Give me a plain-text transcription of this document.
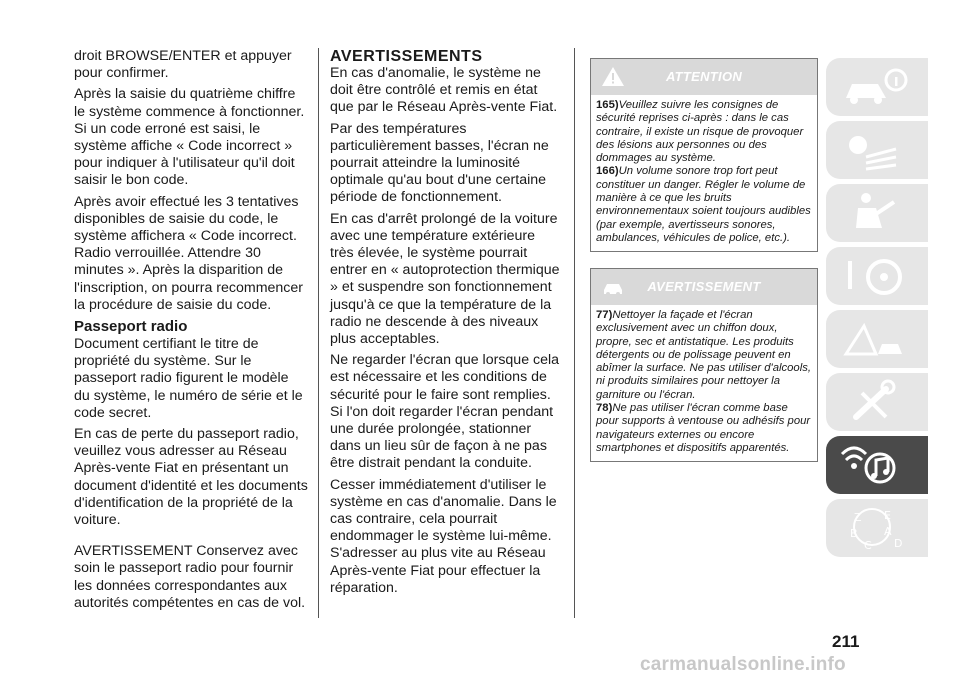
droit BROWSE/ENTER et appuyer pour confirmer.

Après la saisie du quatrième chiffre le système commence à fonctionner. Si un code erroné est saisi, le système affiche « Code incorrect » pour indiquer à l'utilisateur qu'il doit saisir le bon code.

Après avoir effectué les 3 tentatives disponibles de saisie du code, le système affichera « Code incorrect. Radio verrouillée. Attendre 30 minutes ». Après la disparition de l'inscription, on pourra recommencer la procédure de saisie du code.

Passeport radio

Document certifiant le titre de propriété du système. Sur le passeport radio figurent le modèle du système, le numéro de série et le code secret.

En cas de perte du passeport radio, veuillez vous adresser au Réseau Après-vente Fiat en présentant un document d'identité et les documents d'identification de la propriété de la voiture.

AVERTISSEMENT Conservez avec soin le passeport radio pour fournir les données correspondantes aux autorités compétentes en cas de vol.

AVERTISSEMENTS

En cas d'anomalie, le système ne doit être contrôlé et remis en état que par le Réseau Après-vente Fiat.

Par des températures particulièrement basses, l'écran ne pourrait atteindre la luminosité optimale qu'au bout d'une certaine période de fonctionnement.

En cas d'arrêt prolongé de la voiture avec une température extérieure très élevée, le système pourrait entrer en « autoprotection thermique » et suspendre son fonctionnement jusqu'à ce que la température de la radio ne descende à des niveaux plus acceptables.

Ne regarder l'écran que lorsque cela est nécessaire et les conditions de sécurité pour le faire sont remplies. Si l'on doit regarder l'écran pendant une durée prolongée, stationner dans un lieu sûr de façon à ne pas être distrait pendant la conduite.

Cesser immédiatement d'utiliser le système en cas d'anomalie. Dans le cas contraire, cela pourrait endommager le système lui-même. S'adresser au plus vite au Réseau Après-vente Fiat pour effectuer la réparation.

ATTENTION

165)Veuillez suivre les consignes de sécurité reprises ci-après : dans le cas contraire, il existe un risque de provoquer des lésions aux personnes ou des dommages au système.

166)Un volume sonore trop fort peut constituer un danger. Régler le volume de manière à ce que les bruits environnementaux soient toujours audibles (par exemple, avertisseurs sonores, ambulances, véhicules de police, etc.).

AVERTISSEMENT

77)Nettoyer la façade et l'écran exclusivement avec un chiffon doux, propre, sec et antistatique. Les produits détergents ou de polissage peuvent en abîmer la surface. Ne pas utiliser d'alcools, ni produits similaires pour nettoyer la garniture ou l'écran.

78)Ne pas utiliser l'écran comme base pour supports à ventouse ou adhésifs pour navigateurs externes ou encore smartphones et dispositifs apparentés.

Z E
B A
C D
211
carmanualsonline.info
